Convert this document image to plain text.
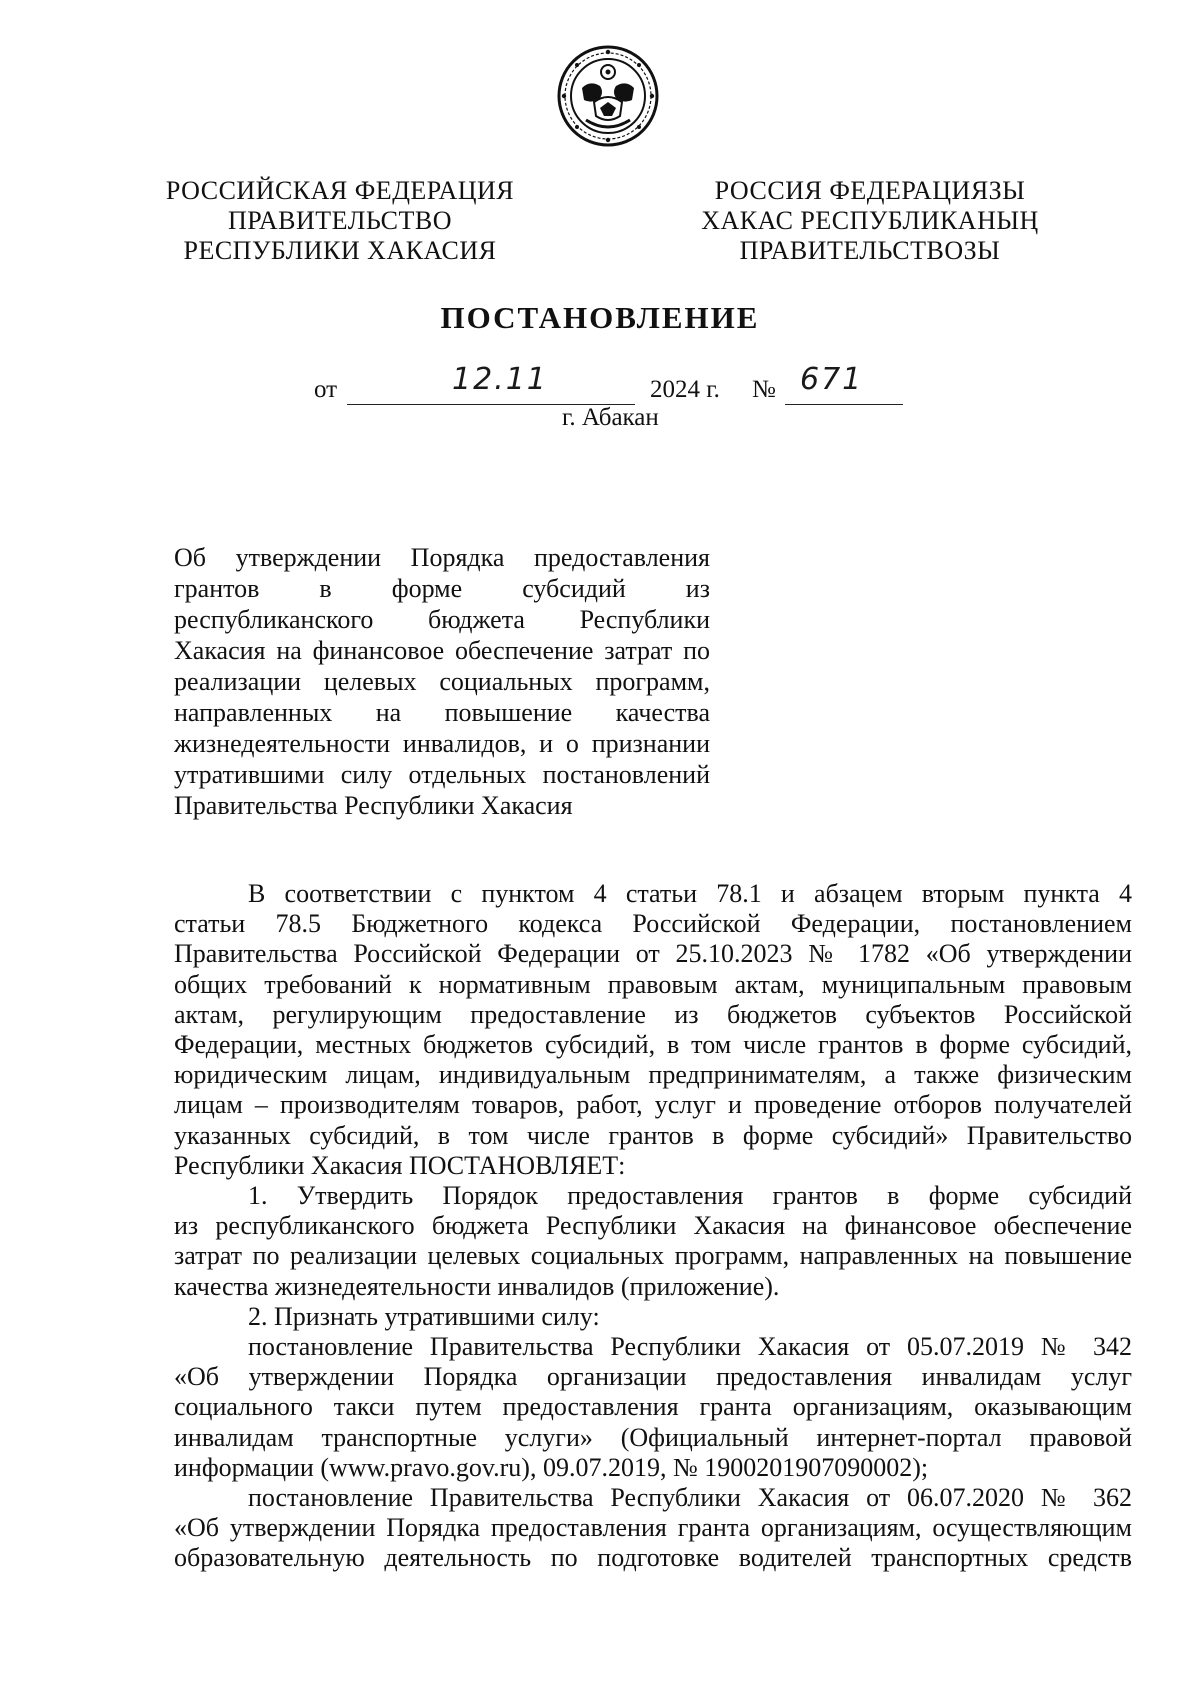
РОССИЙСКАЯ ФЕДЕРАЦИЯ
ПРАВИТЕЛЬСТВО
РЕСПУБЛИКИ ХАКАСИЯ
РОССИЯ ФЕДЕРАЦИЯЗЫ
ХАКАС РЕСПУБЛИКАНЫҢ
ПРАВИТЕЛЬСТВОЗЫ
ПОСТАНОВЛЕНИЕ
от	12.11	2024 г. № 671
г. Абакан
Об утверждении Порядка предоставления
грантов в форме субсидий из
республиканского бюджета Республики
Хакасия на финансовое обеспечение затрат по
реализации целевых социальных программ,
направленных на повышение качества
жизнедеятельности инвалидов, и о признании
утратившими силу отдельных постановлений
Правительства Республики Хакасия
В соответствии с пунктом 4 статьи 78.1 и абзацем вторым пункта 4
статьи 78.5 Бюджетного кодекса Российской Федерации, постановлением
Правительства Российской Федерации от 25.10.2023 № 1782 «Об утверждении
общих требований к нормативным правовым актам, муниципальным правовым
актам, регулирующим предоставление из бюджетов субъектов Российской
Федерации, местных бюджетов субсидий, в том числе грантов в форме субсидий,
юридическим лицам, индивидуальным предпринимателям, а также физическим
лицам – производителям товаров, работ, услуг и проведение отборов получателей
указанных субсидий, в том числе грантов в форме субсидий» Правительство
Республики Хакасия ПОСТАНОВЛЯЕТ:
1. Утвердить Порядок предоставления грантов в форме субсидий
из республиканского бюджета Республики Хакасия на финансовое обеспечение
затрат по реализации целевых социальных программ, направленных на повышение
качества жизнедеятельности инвалидов (приложение).
2. Признать утратившими силу:
постановление Правительства Республики Хакасия от 05.07.2019 № 342
«Об утверждении Порядка организации предоставления инвалидам услуг
социального такси путем предоставления гранта организациям, оказывающим
инвалидам транспортные услуги» (Официальный интернет-портал правовой
информации (www.pravo.gov.ru), 09.07.2019, № 1900201907090002);
постановление Правительства Республики Хакасия от 06.07.2020 № 362
«Об утверждении Порядка предоставления гранта организациям, осуществляющим
образовательную деятельность по подготовке водителей транспортных средств
